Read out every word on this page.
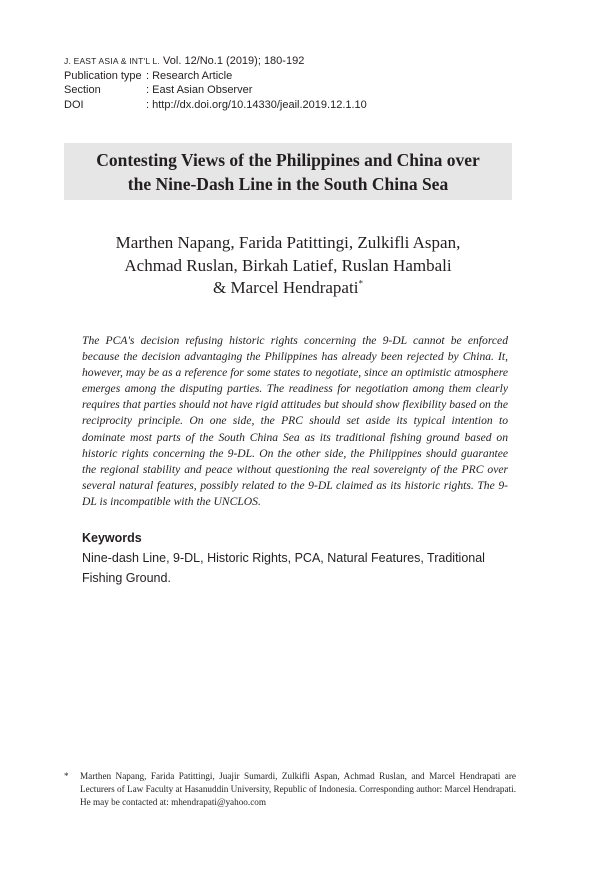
J. EAST ASIA & INT'L L. Vol. 12/No.1 (2019); 180-192
Publication type : Research Article
Section	: East Asian Observer
DOI	: http://dx.doi.org/10.14330/jeail.2019.12.1.10
Contesting Views of the Philippines and China over
the Nine-Dash Line in the South China Sea
Marthen Napang, Farida Patittingi, Zulkifli Aspan,
Achmad Ruslan, Birkah Latief, Ruslan Hambali
& Marcel Hendrapati*

The PCA's decision refusing historic rights concerning the 9-DL cannot be enforced because the decision advantaging the Philippines has already been rejected by China. It, however, may be as a reference for some states to negotiate, since an optimistic atmosphere emerges among the disputing parties. The readiness for negotiation among them clearly requires that parties should not have rigid attitudes but should show flexibility based on the reciprocity principle. On one side, the PRC should set aside its typical intention to dominate most parts of the South China Sea as its traditional fishing ground based on historic rights concerning the 9-DL. On the other side, the Philippines should guarantee the regional stability and peace without questioning the real sovereignty of the PRC over several natural features, possibly related to the 9-DL claimed as its historic rights. The 9-DL is incompatible with the UNCLOS.

Keywords

Nine-dash Line, 9-DL, Historic Rights, PCA, Natural Features, Traditional Fishing Ground.

* Marthen Napang, Farida Patittingi, Juajir Sumardi, Zulkifli Aspan, Achmad Ruslan, and Marcel Hendrapati are Lecturers of Law Faculty at Hasanuddin University, Republic of Indonesia. Corresponding author: Marcel Hendrapati. He may be contacted at: mhendrapati@yahoo.com
